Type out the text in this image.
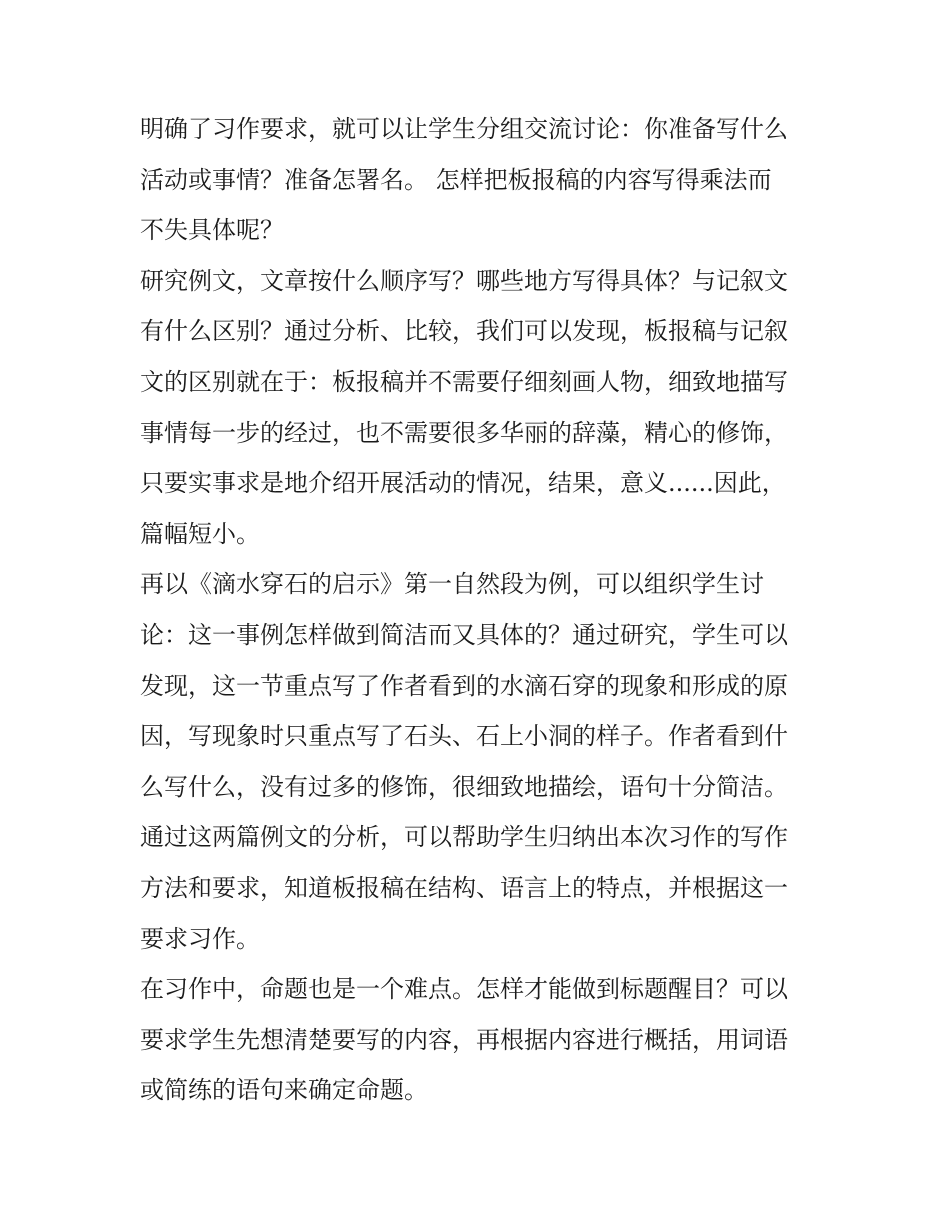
明确了习作要求，就可以让学生分组交流讨论：你准备写什么
活动或事情？准备怎署名。 怎样把板报稿的内容写得乘法而
不失具体呢？
研究例文，文章按什么顺序写？哪些地方写得具体？与记叙文
有什么区别？通过分析、比较，我们可以发现，板报稿与记叙
文的区别就在于：板报稿并不需要仔细刻画人物，细致地描写
事情每一步的经过，也不需要很多华丽的辞藻，精心的修饰，
只要实事求是地介绍开展活动的情况，结果，意义......因此，
篇幅短小。
再以《滴水穿石的启示》第一自然段为例，可以组织学生讨
论：这一事例怎样做到简洁而又具体的？通过研究，学生可以
发现，这一节重点写了作者看到的水滴石穿的现象和形成的原
因，写现象时只重点写了石头、石上小洞的样子。作者看到什
么写什么，没有过多的修饰，很细致地描绘，语句十分简洁。
通过这两篇例文的分析，可以帮助学生归纳出本次习作的写作
方法和要求，知道板报稿在结构、语言上的特点，并根据这一
要求习作。
在习作中，命题也是一个难点。怎样才能做到标题醒目？可以
要求学生先想清楚要写的内容，再根据内容进行概括，用词语
或简练的语句来确定命题。
